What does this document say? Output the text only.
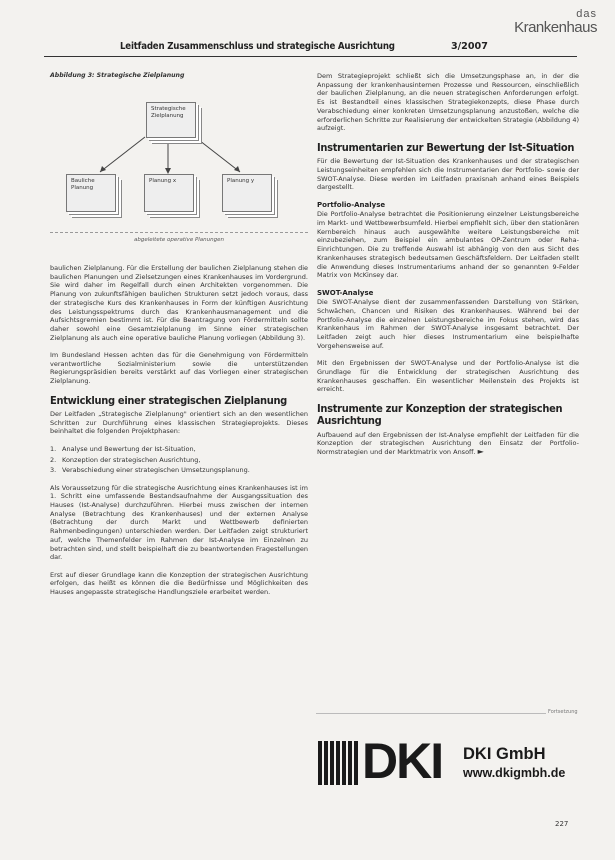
Leitfaden Zusammenschluss und strategische Ausrichtung	3/2007
das
Krankenhaus
Abbildung 3: Strategische Zielplanung
Strategische
Zielplanung
Bauliche
Planung
Planung x	Planung y
abgeleitete operative Planungen

baulichen Zielplanung. Für die Erstellung der baulichen Zielplanung stehen die baulichen Planungen und Zielsetzungen eines Krankenhauses im Vordergrund. Sie wird daher im Regelfall durch einen Architekten vorgenommen. Die Planung von zukunftsfähigen baulichen Strukturen setzt jedoch voraus, dass der strategische Kurs des Krankenhauses in Form der künftigen Ausrichtung des Leistungsspektrums durch das Krankenhausmanagement und die Aufsichtsgremien bestimmt ist. Für die Beantragung von Fördermitteln sollte daher sowohl eine Gesamtzielplanung im Sinne einer strategischen Zielplanung als auch eine operative bauliche Planung vorliegen (Abbildung 3).

Im Bundesland Hessen achten das für die Genehmigung von Fördermitteln verantwortliche Sozialministerium sowie die unterstützenden Regierungspräsidien bereits verstärkt auf das Vorliegen einer strategischen Zielplanung.

Entwicklung einer strategischen Zielplanung

Der Leitfaden „Strategische Zielplanung" orientiert sich an den wesentlichen Schritten zur Durchführung eines klassischen Strategieprojekts. Dieses beinhaltet die folgenden Projektphasen:

1. Analyse und Bewertung der Ist-Situation,
2. Konzeption der strategischen Ausrichtung,
3. Verabschiedung einer strategischen Umsetzungsplanung.

Als Voraussetzung für die strategische Ausrichtung eines Krankenhauses ist im 1. Schritt eine umfassende Bestandsaufnahme der Ausgangssituation des Hauses (Ist-Analyse) durchzuführen. Hierbei muss zwischen der internen Analyse (Betrachtung des Krankenhauses) und der externen Analyse (Betrachtung der durch Markt und Wettbewerb definierten Rahmenbedingungen) unterschieden werden. Der Leitfaden zeigt strukturiert auf, welche Themenfelder im Rahmen der Ist-Analyse im Einzelnen zu betrachten sind, und stellt beispielhaft die zu beantwortenden Fragestellungen dar.

Erst auf dieser Grundlage kann die Konzeption der strategischen Ausrichtung erfolgen, das heißt es können die die Bedürfnisse und Möglichkeiten des Hauses angepasste strategische Handlungsziele erarbeitet werden.

Dem Strategieprojekt schließt sich die Umsetzungsphase an, in der die Anpassung der krankenhausinternen Prozesse und Ressourcen, einschließlich der baulichen Zielplanung, an die neuen strategischen Anforderungen erfolgt. Es ist Bestandteil eines klassischen Strategiekonzepts, diese Phase durch Verabschiedung einer konkreten Umsetzungsplanung anzustoßen, welche die erforderlichen Schritte zur Realisierung der entwickelten Strategie (Abbildung 4) aufzeigt.

Instrumentarien zur Bewertung der Ist-Situation

Für die Bewertung der Ist-Situation des Krankenhauses und der strategischen Leistungseinheiten empfehlen sich die Instrumentarien der Portfolio- sowie der SWOT-Analyse. Diese werden im Leitfaden praxisnah anhand eines Beispiels dargestellt.

Portfolio-Analyse

Die Portfolio-Analyse betrachtet die Positionierung einzelner Leistungsbereiche im Markt- und Wettbewerbsumfeld. Hierbei empfiehlt sich, über den stationären Kernbereich hinaus auch ausgewählte weitere Leistungsbereiche mit einzubeziehen, zum Beispiel ein ambulantes OP-Zentrum oder Reha-Einrichtungen. Die zu treffende Auswahl ist abhängig von den aus Sicht des Krankenhauses strategisch bedeutsamen Geschäftsfeldern. Der Leitfaden stellt die Anwendung dieses Instrumentariums anhand der so genannten 9-Felder Matrix von McKinsey dar.

SWOT-Analyse

Die SWOT-Analyse dient der zusammenfassenden Darstellung von Stärken, Schwächen, Chancen und Risiken des Krankenhauses. Während bei der Portfolio-Analyse die einzelnen Leistungsbereiche im Fokus stehen, wird das Krankenhaus im Rahmen der SWOT-Analyse insgesamt betrachtet. Der Leitfaden zeigt auch hier dieses Instrumentarium eine beispielhafte Vorgehensweise auf.

Mit den Ergebnissen der SWOT-Analyse und der Portfolio-Analyse ist die Grundlage für die Entwicklung der strategischen Ausrichtung des Krankenhauses geschaffen. Ein wesentlicher Meilenstein des Projekts ist erreicht.

Instrumente zur Konzeption der strategischen Ausrichtung

Aufbauend auf den Ergebnissen der Ist-Analyse empfiehlt der Leitfaden für die Konzeption der strategischen Ausrichtung den Einsatz der Portfolio-Normstrategien und der Marktmatrix von Ansoff. ►

Fortsetzung
DKI DKI GmbH
www.dkigmbh.de
227
